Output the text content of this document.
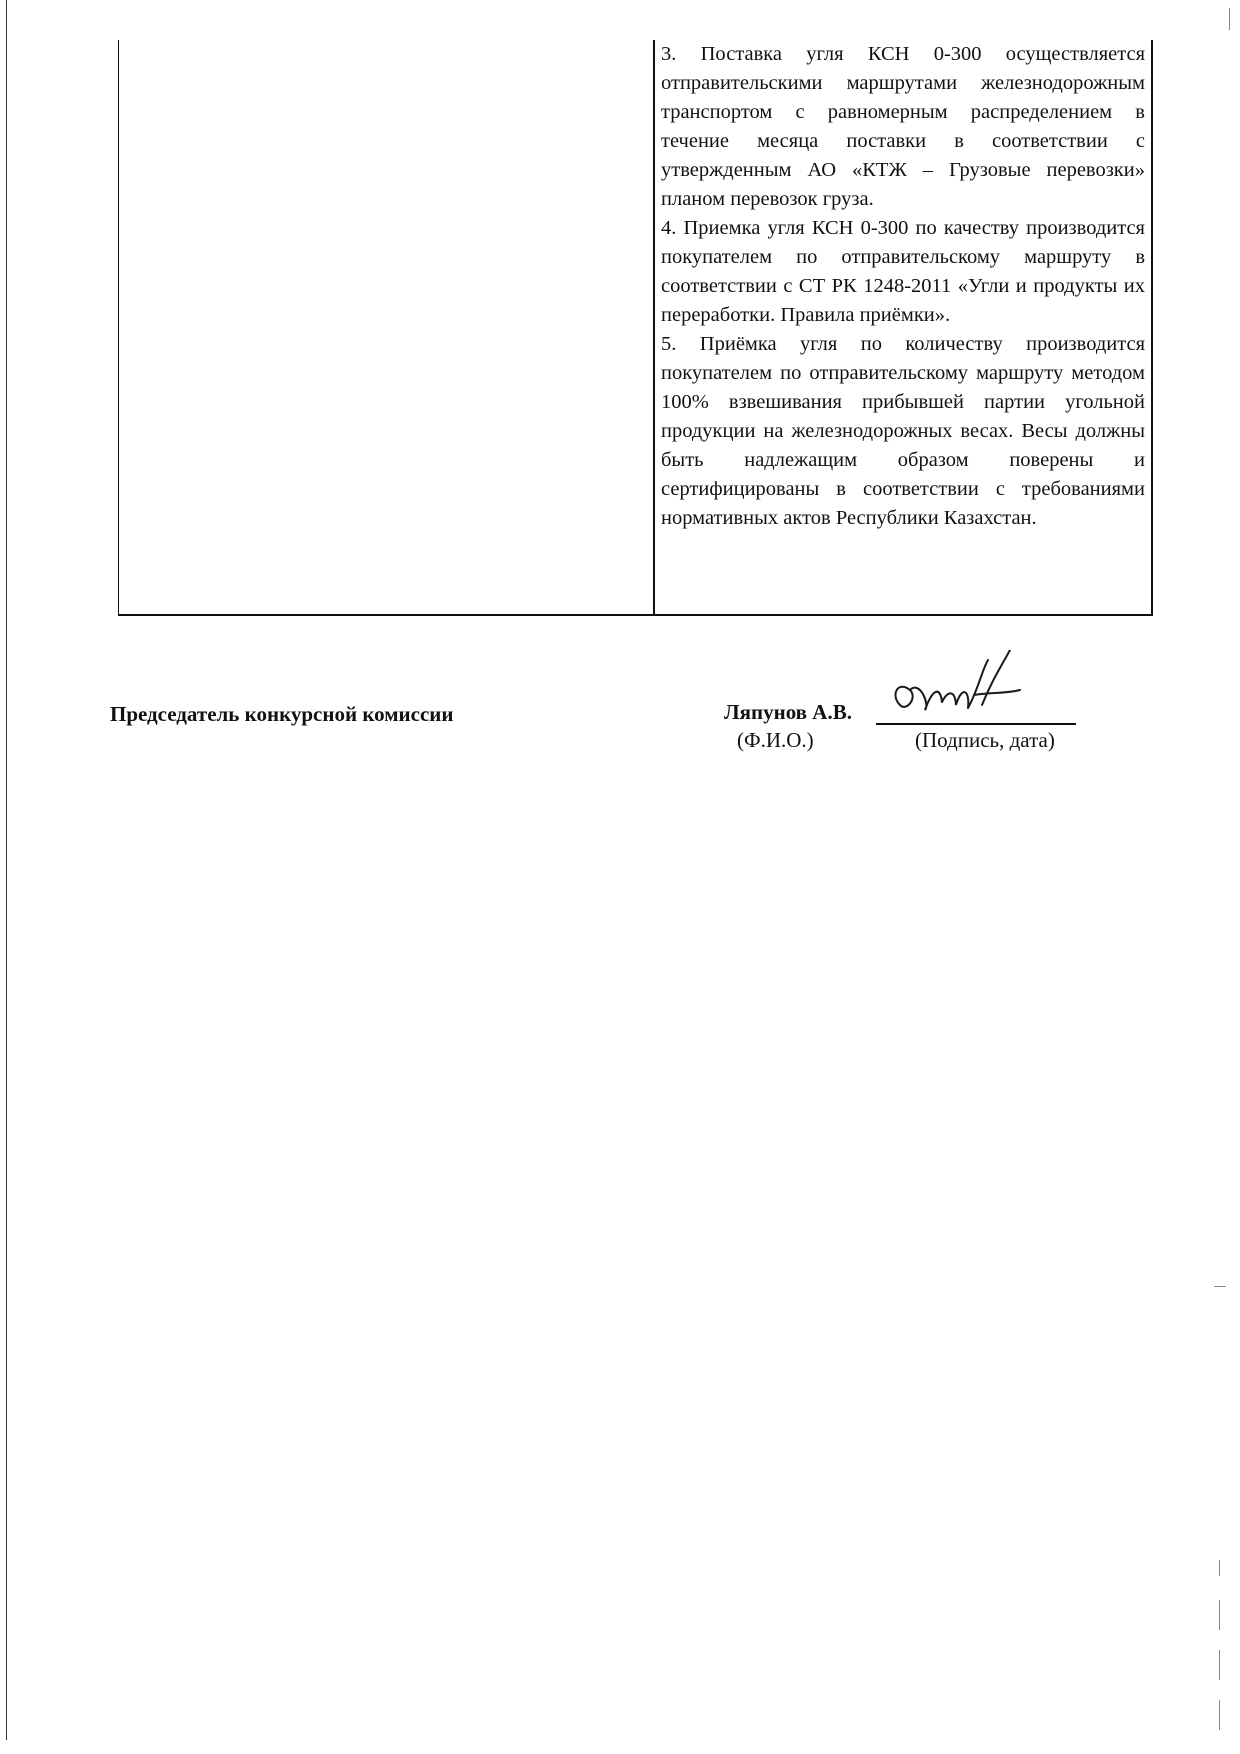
3. Поставка угля КСН 0-300 осуществляется отправительскими маршрутами железнодорожным транспортом с равномерным распределением в течение месяца поставки в соответствии с утвержденным АО «КТЖ – Грузовые перевозки» планом перевозок груза.

4. Приемка угля КСН 0-300 по качеству производится покупателем по отправительскому маршруту в соответствии с СТ РК 1248-2011 «Угли и продукты их переработки. Правила приёмки».

5. Приёмка угля по количеству производится покупателем по отправительскому маршруту методом 100% взвешивания прибывшей партии угольной продукции на железнодорожных весах. Весы должны быть надлежащим образом поверены и сертифицированы в соответствии с требованиями нормативных актов Республики Казахстан.

Председатель конкурсной комиссии	Ляпунов А.В.
(Ф.И.О.)	(Подпись, дата)
